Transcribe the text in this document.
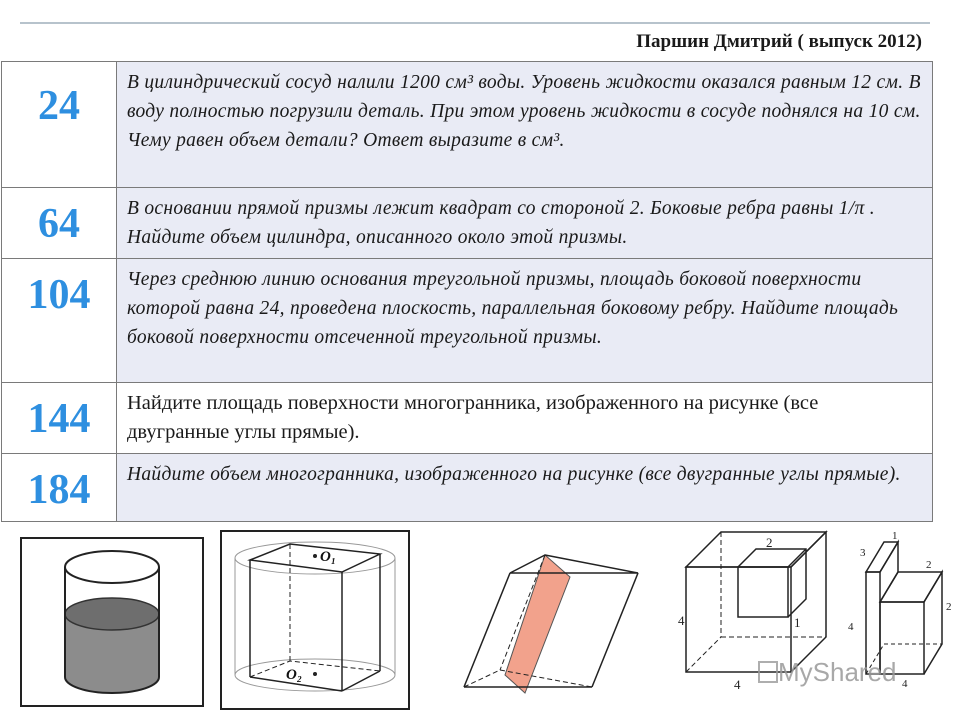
Паршин Дмитрий ( выпуск 2012)
24	В цилиндрический сосуд налили 1200 см³ воды. Уровень жидкости оказался равным 12 см. В воду полностью погрузили деталь. При этом уровень жидкости в сосуде поднялся на 10 см. Чему равен объем детали? Ответ выразите в см³.
64	В основании прямой призмы лежит квадрат со стороной 2. Боковые ребра равны 1/π . Найдите объем цилиндра, описанного около этой призмы.
104	Через среднюю линию основания треугольной призмы, площадь боковой поверхности которой равна 24, проведена плоскость, параллельная боковому ребру. Найдите площадь боковой поверхности отсеченной треугольной призмы.
144	Найдите площадь поверхности многогранника, изображенного на рисунке (все двугранные углы прямые).
184	Найдите объем многогранника, изображенного на рисунке (все двугранные углы прямые).
O₁
O₂
2
4	1
4
1
3
2
4
2
4
MyShared
